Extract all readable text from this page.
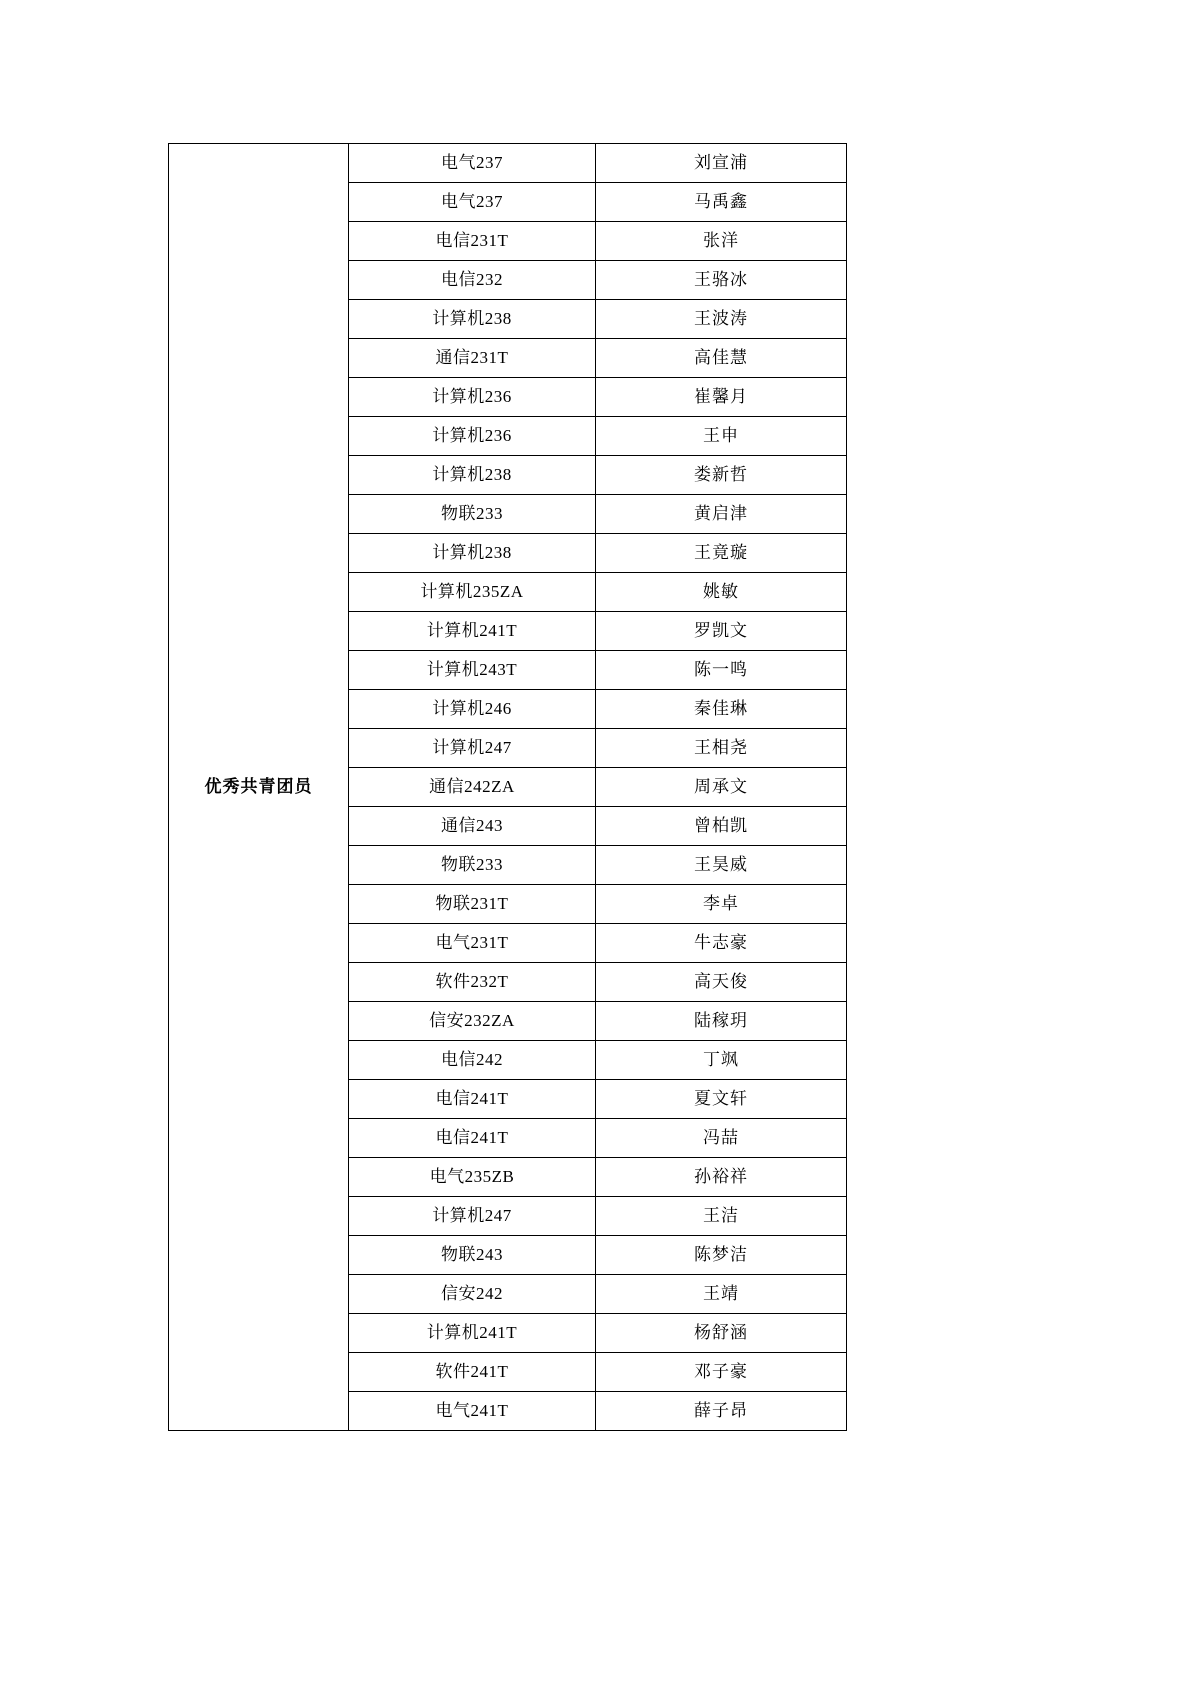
优秀共青团员	电气237	刘宣浦
	电气237	马禹鑫
	电信231T	张洋
	电信232	王骆冰
	计算机238	王波涛
	通信231T	高佳慧
	计算机236	崔馨月
	计算机236	王申
	计算机238	娄新哲
	物联233	黄启津
	计算机238	王竟璇
	计算机235ZA	姚敏
	计算机241T	罗凯文
	计算机243T	陈一鸣
	计算机246	秦佳琳
	计算机247	王相尧
	通信242ZA	周承文
	通信243	曾柏凯
	物联233	王昊威
	物联231T	李卓
	电气231T	牛志豪
	软件232T	高天俊
	信安232ZA	陆稼玥
	电信242	丁飒
	电信241T	夏文轩
	电信241T	冯喆
	电气235ZB	孙裕祥
	计算机247	王洁
	物联243	陈梦洁
	信安242	王靖
	计算机241T	杨舒涵
	软件241T	邓子豪
	电气241T	薛子昂
